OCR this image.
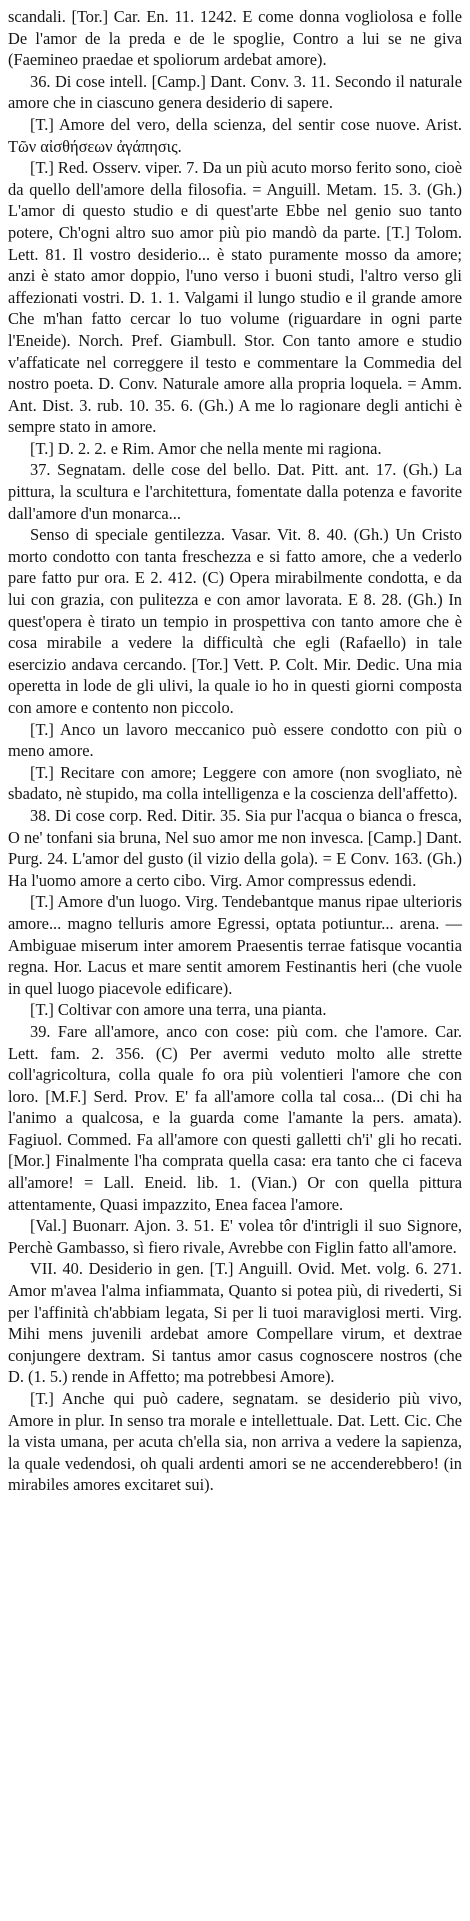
scandali. [Tor.] Car. En. 11. 1242. E come donna vogliolosa e folle De l'amor de la preda e de le spoglie, Contro a lui se ne giva (Faemineo praedae et spoliorum ardebat amore).

36. Di cose intell. [Camp.] Dant. Conv. 3. 11. Secondo il naturale amore che in ciascuno genera desiderio di sapere.

[T.] Amore del vero, della scienza, del sentir cose nuove. Arist. Τῶν αἰσθήσεων ἀγάπησις.

[T.] Red. Osserv. viper. 7. Da un più acuto morso ferito sono, cioè da quello dell'amore della filosofia. = Anguill. Metam. 15. 3. (Gh.) L'amor di questo studio e di quest'arte Ebbe nel genio suo tanto potere, Ch'ogni altro suo amor più pio mandò da parte. [T.] Tolom. Lett. 81. Il vostro desiderio... è stato puramente mosso da amore; anzi è stato amor doppio, l'uno verso i buoni studi, l'altro verso gli affezionati vostri. D. 1. 1. Valgami il lungo studio e il grande amore Che m'han fatto cercar lo tuo volume (riguardare in ogni parte l'Eneide). Norch. Pref. Giambull. Stor. Con tanto amore e studio v'affaticate nel correggere il testo e commentare la Commedia del nostro poeta. D. Conv. Naturale amore alla propria loquela. = Amm. Ant. Dist. 3. rub. 10. 35. 6. (Gh.) A me lo ragionare degli antichi è sempre stato in amore.

[T.] D. 2. 2. e Rim. Amor che nella mente mi ragiona.

37. Segnatam. delle cose del bello. Dat. Pitt. ant. 17. (Gh.) La pittura, la scultura e l'architettura, fomentate dalla potenza e favorite dall'amore d'un monarca...

Senso di speciale gentilezza. Vasar. Vit. 8. 40. (Gh.) Un Cristo morto condotto con tanta freschezza e si fatto amore, che a vederlo pare fatto pur ora. E 2. 412. (C) Opera mirabilmente condotta, e da lui con grazia, con pulitezza e con amor lavorata. E 8. 28. (Gh.) In quest'opera è tirato un tempio in prospettiva con tanto amore che è cosa mirabile a vedere la difficultà che egli (Rafaello) in tale esercizio andava cercando. [Tor.] Vett. P. Colt. Mir. Dedic. Una mia operetta in lode de gli ulivi, la quale io ho in questi giorni composta con amore e contento non piccolo.

[T.] Anco un lavoro meccanico può essere condotto con più o meno amore.

[T.] Recitare con amore; Leggere con amore (non svogliato, nè sbadato, nè stupido, ma colla intelligenza e la coscienza dell'affetto).

38. Di cose corp. Red. Ditir. 35. Sia pur l'acqua o bianca o fresca, O ne' tonfani sia bruna, Nel suo amor me non invesca. [Camp.] Dant. Purg. 24. L'amor del gusto (il vizio della gola). = E Conv. 163. (Gh.) Ha l'uomo amore a certo cibo. Virg. Amor compressus edendi.

[T.] Amore d'un luogo. Virg. Tendebantque manus ripae ulterioris amore... magno telluris amore Egressi, optata potiuntur... arena. —Ambiguae miserum inter amorem Praesentis terrae fatisque vocantia regna. Hor. Lacus et mare sentit amorem Festinantis heri (che vuole in quel luogo piacevole edificare).

[T.] Coltivar con amore una terra, una pianta.

39. Fare all'amore, anco con cose: più com. che l'amore. Car. Lett. fam. 2. 356. (C) Per avermi veduto molto alle strette coll'agricoltura, colla quale fo ora più volentieri l'amore che con loro. [M.F.] Serd. Prov. E' fa all'amore colla tal cosa... (Di chi ha l'animo a qualcosa, e la guarda come l'amante la pers. amata). Fagiuol. Commed. Fa all'amore con questi galletti ch'i' gli ho recati. [Mor.] Finalmente l'ha comprata quella casa: era tanto che ci faceva all'amore! = Lall. Eneid. lib. 1. (Vian.) Or con quella pittura attentamente, Quasi impazzito, Enea facea l'amore.

[Val.] Buonarr. Ajon. 3. 51. E' volea tôr d'intrigli il suo Signore, Perchè Gambasso, sì fiero rivale, Avrebbe con Figlin fatto all'amore.

VII. 40. Desiderio in gen. [T.] Anguill. Ovid. Met. volg. 6. 271. Amor m'avea l'alma infiammata, Quanto si potea più, di rivederti, Si per l'affinità ch'abbiam legata, Si per li tuoi maraviglosi merti. Virg. Mihi mens juvenili ardebat amore Compellare virum, et dextrae conjungere dextram. Si tantus amor casus cognoscere nostros (che D. (1. 5.) rende in Affetto; ma potrebbesi Amore).

[T.] Anche qui può cadere, segnatam. se desiderio più vivo, Amore in plur. In senso tra morale e intellettuale. Dat. Lett. Cic. Che la vista umana, per acuta ch'ella sia, non arriva a vedere la sapienza, la quale vedendosi, oh quali ardenti amori se ne accenderebbero! (in mirabiles amores excitaret sui).
